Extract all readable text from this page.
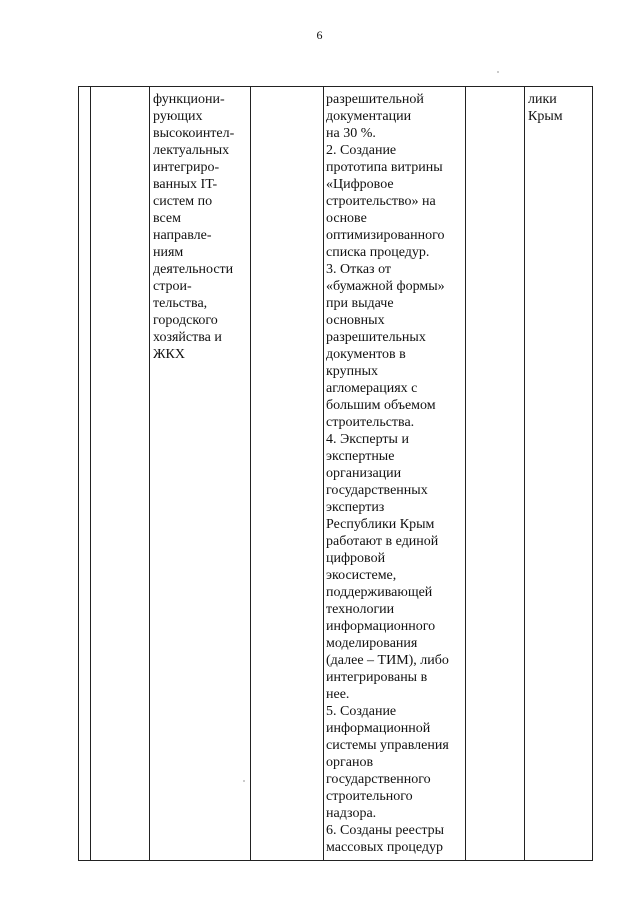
6
функциони-
рующих
высокоинтел-
лектуальных
интегриро-
ванных IT-
систем по
всем
направле-
ниям
деятельности
строи-
тельства,
городского
хозяйства и
ЖКХ
разрешительной
документации
на 30 %.
2. Создание
прототипа витрины
«Цифровое
строительство» на
основе
оптимизированного
списка процедур.
3. Отказ от
«бумажной формы»
при выдаче
основных
разрешительных
документов в
крупных
агломерациях с
большим объемом
строительства.
4. Эксперты и
экспертные
организации
государственных
экспертиз
Республики Крым
работают в единой
цифровой
экосистеме,
поддерживающей
технологии
информационного
моделирования
(далее – ТИМ), либо
интегрированы в
нее.
5. Создание
информационной
системы управления
органов
государственного
строительного
надзора.
6. Созданы реестры
массовых процедур
лики
Крым
